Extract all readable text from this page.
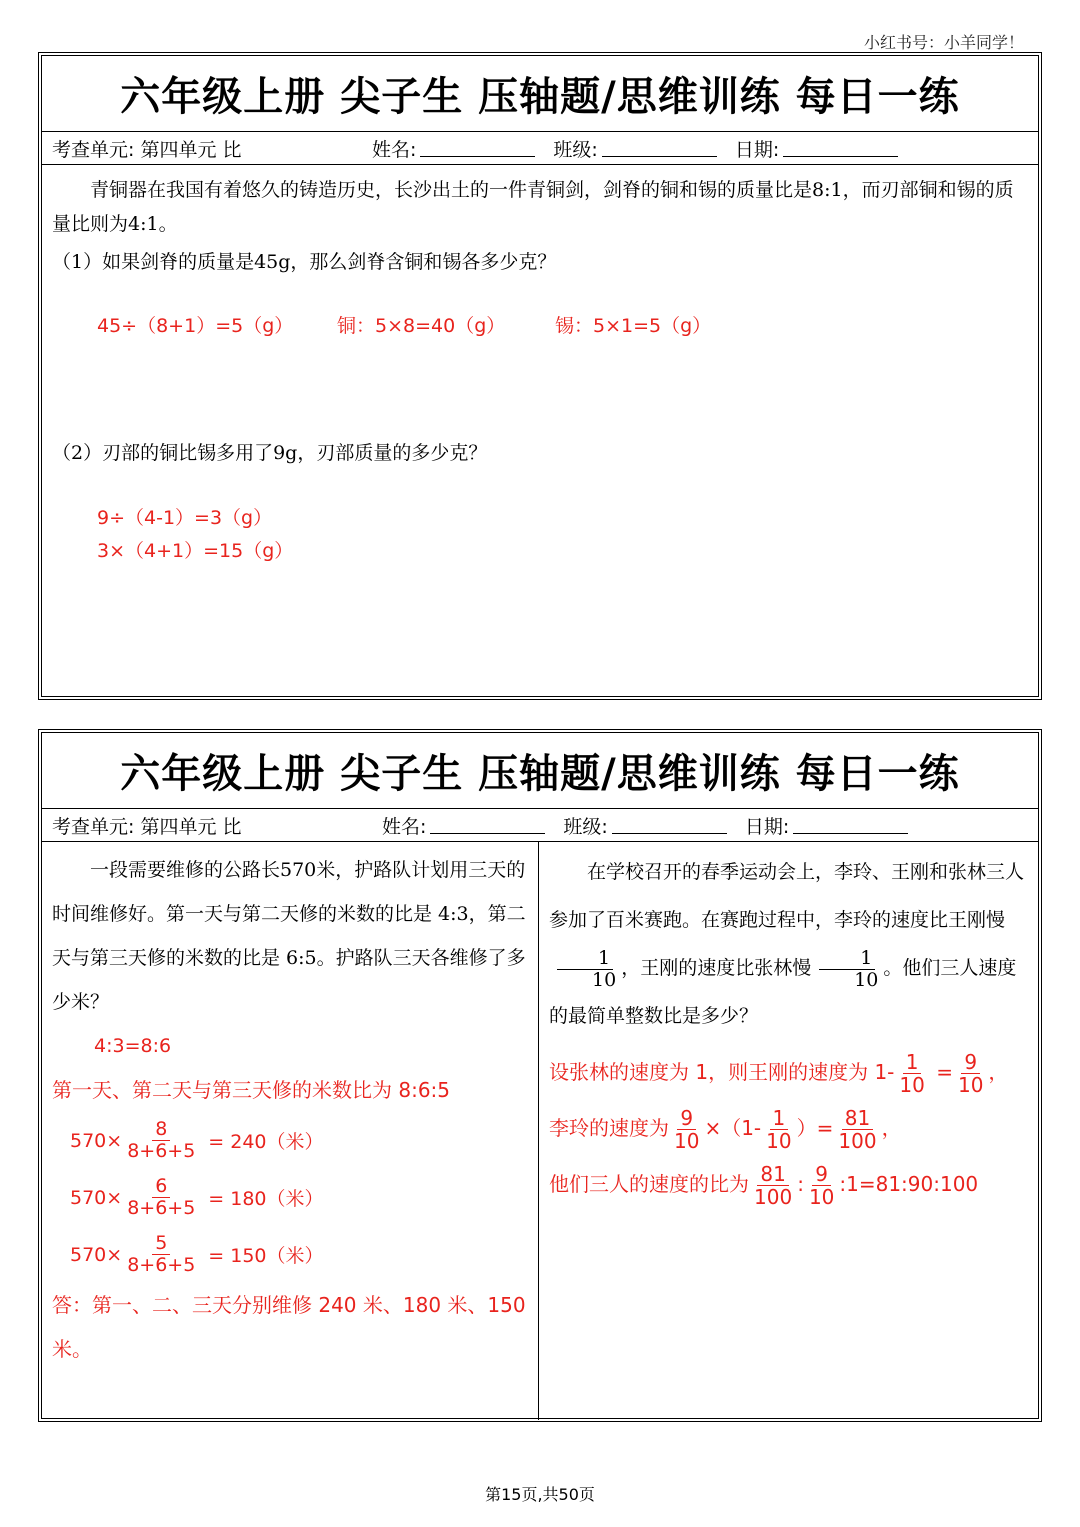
小红书号：小羊同学！
六年级上册 尖子生 压轴题/思维训练 每日一练
考查单元: 第四单元 比	姓名:	班级:	日期:

青铜器在我国有着悠久的铸造历史，长沙出土的一件青铜剑，剑脊的铜和锡的质量比是8:1，而刃部铜和锡的质量比则为4:1。

（1）如果剑脊的质量是45g，那么剑脊含铜和锡各多少克？

45÷（8+1）=5（g）	铜：5×8=40（g）	锡：5×1=5（g）

（2）刃部的铜比锡多用了9g，刃部质量的多少克？

9÷（4-1）=3（g）
3×（4+1）=15（g）
六年级上册 尖子生 压轴题/思维训练 每日一练
考查单元: 第四单元 比	姓名:	班级:	日期:

一段需要维修的公路长570米，护路队计划用三天的时间维修好。第一天与第二天修的米数的比是 4:3，第二天与第三天修的米数的比是 6:5。护路队三天各维修了多少米？

4:3=8:6
第一天、第二天与第三天修的米数比为 8:6:5
$570\times \frac{8}{8+6+5} = 240$（米）
$570\times \frac{6}{8+6+5} = 180$（米）
$570\times \frac{5}{8+6+5} = 150$（米）
答：第一、二、三天分别维修 240 米、180 米、150 米。

在学校召开的春季运动会上，李玲、王刚和张林三人参加了百米赛跑。在赛跑过程中，李玲的速度比王刚慢
$\frac{1}{10}$ ，王刚的速度比张林慢 $\frac{1}{10}$ 。他们三人速度的最简单整数比是多少？

设张林的速度为 1，则王刚的速度为 $1- \frac{1}{10} = \frac{9}{10}$ ，
李玲的速度为 $\frac{9}{10} \times(1- \frac{1}{10}$ ）= $\frac{81}{100}$ ，
他们三人的速度的比为 $\frac{81}{100}$ : $\frac{9}{10}$ :1=81:90:100
第15页,共50页
